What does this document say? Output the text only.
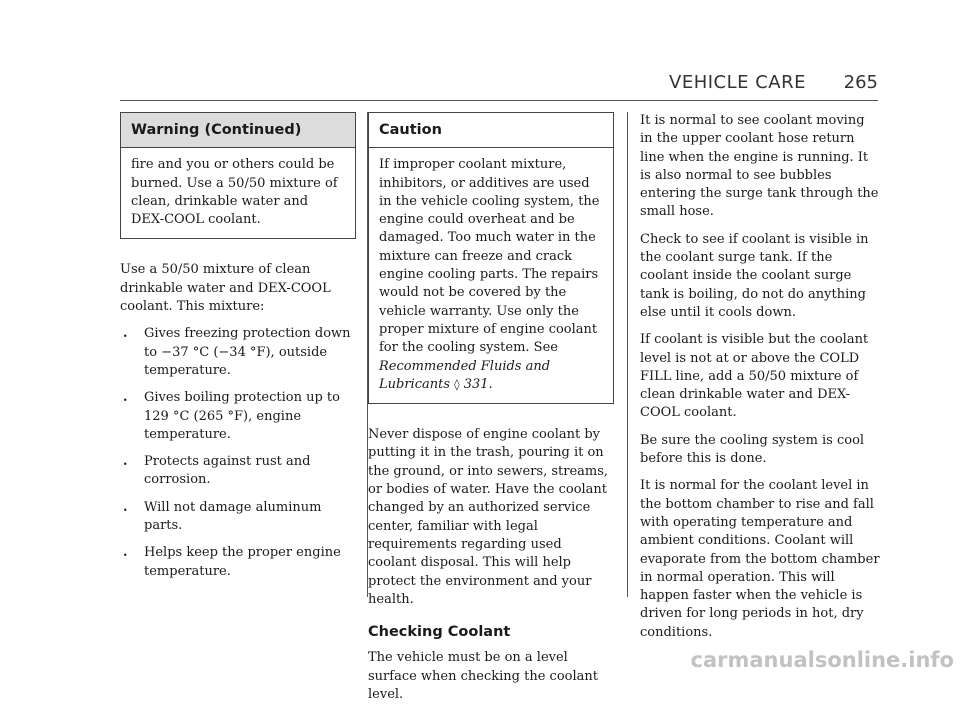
VEHICLE CARE 265
Warning (Continued)
fire and you or others could be burned. Use a 50/50 mixture of clean, drinkable water and DEX-COOL coolant.

Use a 50/50 mixture of clean drinkable water and DEX-COOL coolant. This mixture:

. Gives freezing protection down to −37 °C (−34 °F), outside temperature.
. Gives boiling protection up to 129 °C (265 °F), engine temperature.
. Protects against rust and corrosion.
. Will not damage aluminum parts.
. Helps keep the proper engine temperature.
Caution
If improper coolant mixture, inhibitors, or additives are used in the vehicle cooling system, the engine could overheat and be damaged. Too much water in the mixture can freeze and crack engine cooling parts. The repairs would not be covered by the vehicle warranty. Use only the proper mixture of engine coolant for the cooling system. See Recommended Fluids and Lubricants ◊ 331.

Never dispose of engine coolant by putting it in the trash, pouring it on the ground, or into sewers, streams, or bodies of water. Have the coolant changed by an authorized service center, familiar with legal requirements regarding used coolant disposal. This will help protect the environment and your health.

Checking Coolant

The vehicle must be on a level surface when checking the coolant level.

It is normal to see coolant moving in the upper coolant hose return line when the engine is running. It is also normal to see bubbles entering the surge tank through the small hose.

Check to see if coolant is visible in the coolant surge tank. If the coolant inside the coolant surge tank is boiling, do not do anything else until it cools down.

If coolant is visible but the coolant level is not at or above the COLD FILL line, add a 50/50 mixture of clean drinkable water and DEX-COOL coolant.

Be sure the cooling system is cool before this is done.

It is normal for the coolant level in the bottom chamber to rise and fall with operating temperature and ambient conditions. Coolant will evaporate from the bottom chamber in normal operation. This will happen faster when the vehicle is driven for long periods in hot, dry conditions.

carmanualsonline.info
